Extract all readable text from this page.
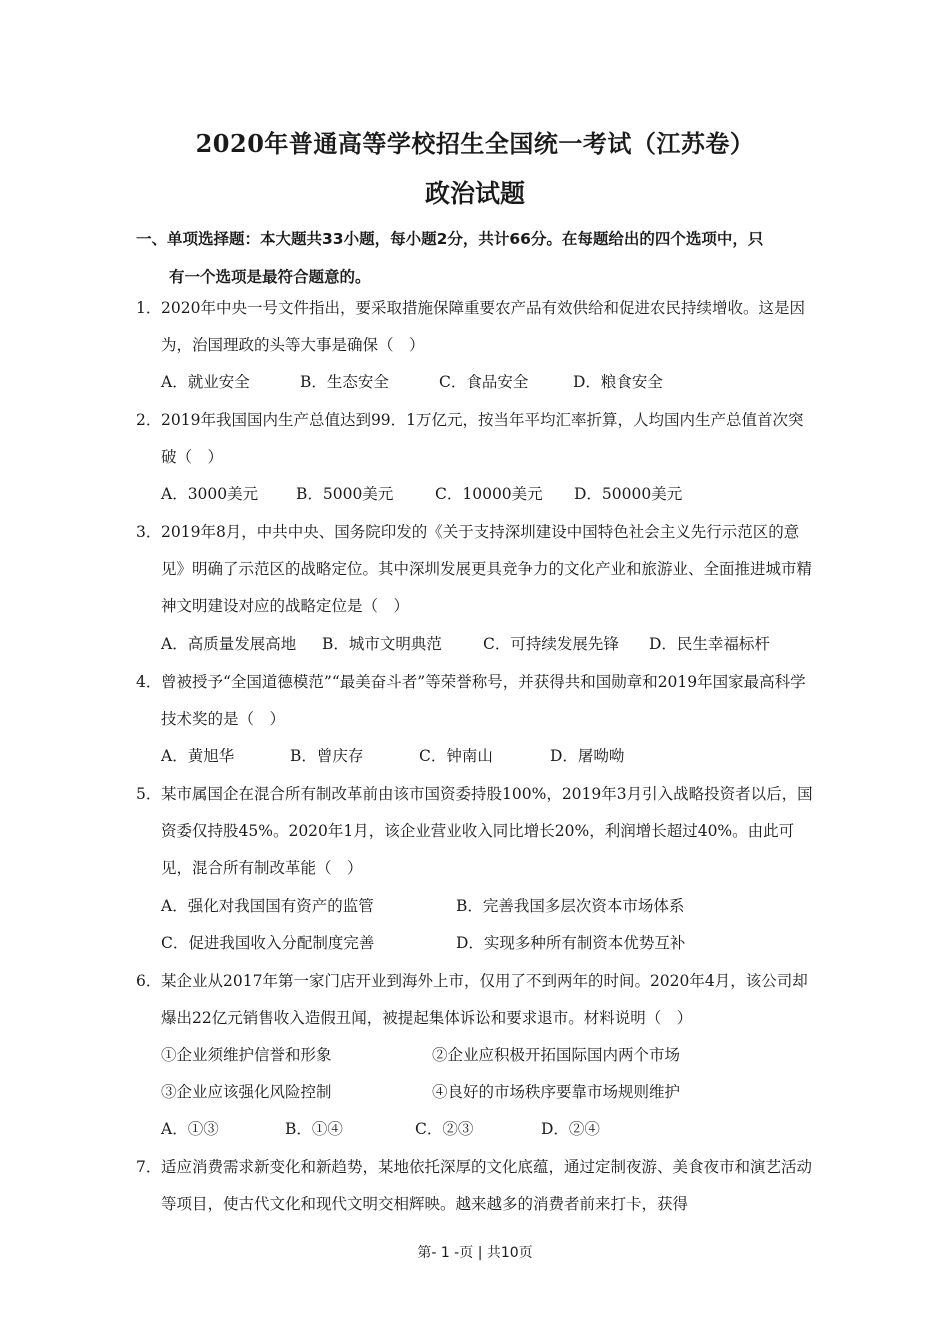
2020年普通高等学校招生全国统一考试（江苏卷）
政治试题
一、单项选择题：本大题共33小题，每小题2分，共计66分。在每题给出的四个选项中，只
有一个选项是最符合题意的。
1． 2020年中央一号文件指出，要采取措施保障重要农产品有效供给和促进农民持续增收。这是因为，治国理政的头等大事是确保（　）
A．就业安全	B．生态安全	C．食品安全	D．粮食安全
2． 2019年我国国内生产总值达到99．1万亿元，按当年平均汇率折算，人均国内生产总值首次突破（　）
A．3000美元 B．5000美元	C．10000美元 D．50000美元
3． 2019年8月，中共中央、国务院印发的《关于支持深圳建设中国特色社会主义先行示范区的意见》明确了示范区的战略定位。其中深圳发展更具竞争力的文化产业和旅游业、全面推进城市精神文明建设对应的战略定位是（　）
A．高质量发展高地 B．城市文明典范	C．可持续发展先锋 D．民生幸福标杆
4． 曾被授予“全国道德模范”“最美奋斗者”等荣誉称号，并获得共和国勋章和2019年国家最高科学技术奖的是（　）
A．黄旭华	B．曾庆存	C．钟南山	D．屠呦呦
5． 某市属国企在混合所有制改革前由该市国资委持股100%，2019年3月引入战略投资者以后，国资委仅持股45%。2020年1月，该企业营业收入同比增长20%，利润增长超过40%。由此可见，混合所有制改革能（　）
A．强化对我国国有资产的监管	B．完善我国多层次资本市场体系
C．促进我国收入分配制度完善	D．实现多种所有制资本优势互补
6． 某企业从2017年第一家门店开业到海外上市，仅用了不到两年的时间。2020年4月，该公司却爆出22亿元销售收入造假丑闻，被提起集体诉讼和要求退市。材料说明（　）
①企业须维护信誉和形象	②企业应积极开拓国际国内两个市场
③企业应该强化风险控制	④良好的市场秩序要靠市场规则维护
A．①③	B．①④	C．②③	D．②④
7． 适应消费需求新变化和新趋势，某地依托深厚的文化底蕴，通过定制夜游、美食夜市和演艺活动等项目，使古代文化和现代文明交相辉映。越来越多的消费者前来打卡，获得
第- 1 -页 | 共10页
